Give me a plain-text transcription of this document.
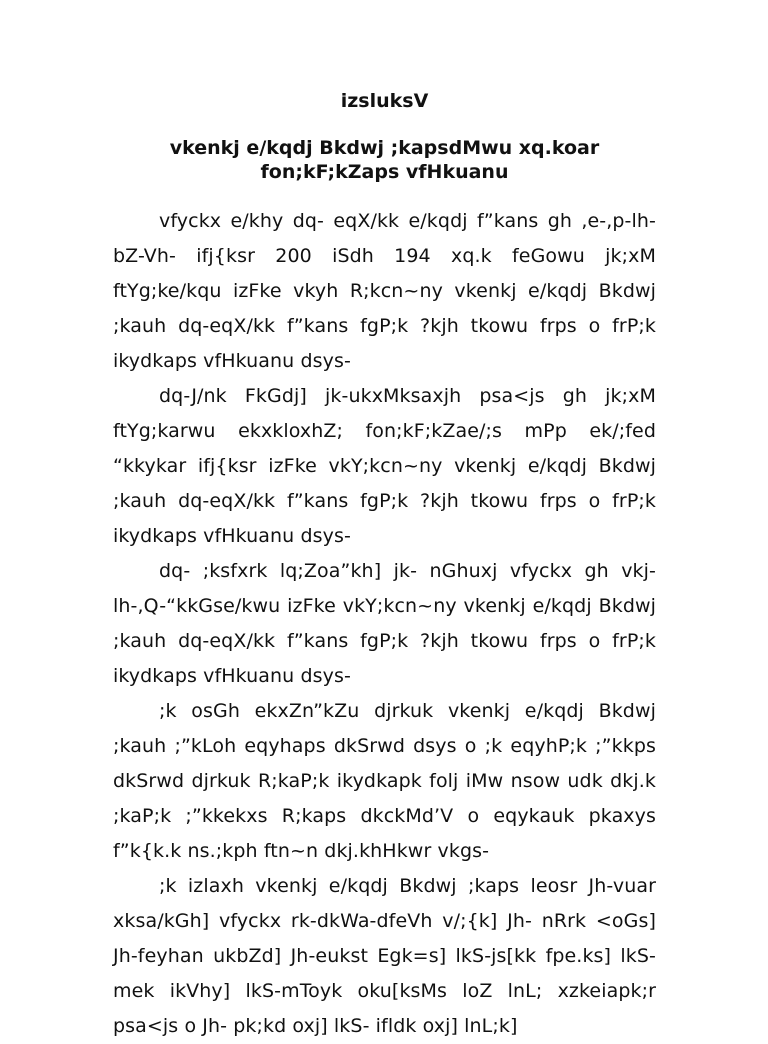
izsluksV
vkenkj e/kqdj Bkdwj ;kapsdMwu xq.koar
fon;kF;kZaps vfHkuanu

vfyckx e/khy dq- eqX/kk e/kqdj f”kans gh ,e-,p-lh- bZ-Vh- ifj{ksr 200 iSdh 194 xq.k feGowu jk;xM ftYg;ke/kqu izFke vkyh R;kcn~ny vkenkj e/kqdj Bkdwj ;kauh dq-eqX/kk f”kans fgP;k ?kjh tkowu frps o frP;k ikydkaps vfHkuanu dsys-

dq-J/nk FkGdj] jk-ukxMksaxjh psa<js gh jk;xM ftYg;karwu ekxkloxhZ; fon;kF;kZae/;s mPp ek/;fed “kkykar ifj{ksr izFke vkY;kcn~ny vkenkj e/kqdj Bkdwj ;kauh dq-eqX/kk f”kans fgP;k ?kjh tkowu frps o frP;k ikydkaps vfHkuanu dsys-

dq- ;ksfxrk lq;Zoa”kh] jk- nGhuxj vfyckx gh vkj-lh-,Q-“kkGse/kwu izFke vkY;kcn~ny vkenkj e/kqdj Bkdwj ;kauh dq-eqX/kk f”kans fgP;k ?kjh tkowu frps o frP;k ikydkaps vfHkuanu dsys-

;k osGh ekxZn”kZu djrkuk vkenkj e/kqdj Bkdwj ;kauh ;”kLoh eqyhaps dkSrwd dsys o ;k eqyhP;k ;”kkps dkSrwd djrkuk R;kaP;k ikydkapk folj iMw nsow udk dkj.k ;kaP;k ;”kkekxs R;kaps dkckMd’V o eqykauk pkaxys f”k{k.k ns.;kph ftn~n dkj.khHkwr vkgs-

;k izlaxh vkenkj e/kqdj Bkdwj ;kaps leosr Jh-vuar xksa/kGh] vfyckx rk-dkWa-dfeVh v/;{k] Jh- nRrk <oGs] Jh-feyhan ukbZd] Jh-eukst Egk=s] lkS-js[kk fpe.ks] lkS-mek ikVhy] lkS-mToyk oku[ksMs loZ lnL; xzkeiapk;r psa<js o Jh- pk;kd oxj] lkS- ifldk oxj] lnL;k]
